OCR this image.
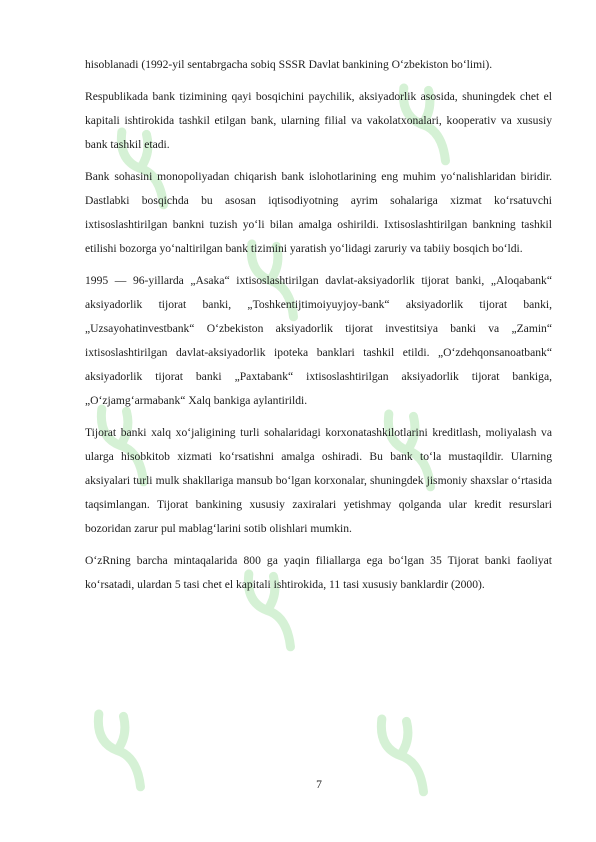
hisoblanadi (1992-yil sentabrgacha sobiq SSSR Davlat bankining O‘zbekiston bo‘limi).

Respublikada bank tizimining qayi bosqichini paychilik, aksiyadorlik asosida, shuningdek chet el kapitali ishtirokida tashkil etilgan bank, ularning filial va vakolatxonalari, kooperativ va xususiy bank tashkil etadi.

Bank sohasini monopoliyadan chiqarish bank islohotlarining eng muhim yo‘nalishlaridan biridir. Dastlabki bosqichda bu asosan iqtisodiyotning ayrim sohalariga xizmat ko‘rsatuvchi ixtisoslashtirilgan bankni tuzish yo‘li bilan amalga oshirildi. Ixtisoslashtirilgan bankning tashkil etilishi bozorga yo‘naltirilgan bank tizimini yaratish yo‘lidagi zaruriy va tabiiy bosqich bo‘ldi.

1995 — 96-yillarda „Asaka“ ixtisoslashtirilgan davlat-aksiyadorlik tijorat banki, „Aloqabank“ aksiyadorlik tijorat banki, „Toshkentijtimoiyuyjoy-bank“ aksiyadorlik tijorat banki, „Uzsayohatinvestbank“ O‘zbekiston aksiyadorlik tijorat investitsiya banki va „Zamin“ ixtisoslashtirilgan davlat-aksiyadorlik ipoteka banklari tashkil etildi. „O‘zdehqonsanoatbank“ aksiyadorlik tijorat banki „Paxtabank“ ixtisoslashtirilgan aksiyadorlik tijorat bankiga, „O‘zjamg‘armabank“ Xalq bankiga aylantirildi.

Tijorat banki xalq xo‘jaligining turli sohalaridagi korxonatashkilotlarini kreditlash, moliyalash va ularga hisobkitob xizmati ko‘rsatishni amalga oshiradi. Bu bank to‘la mustaqildir. Ularning aksiyalari turli mulk shakllariga mansub bo‘lgan korxonalar, shuningdek jismoniy shaxslar o‘rtasida taqsimlangan. Tijorat bankining xususiy zaxiralari yetishmay qolganda ular kredit resurslari bozoridan zarur pul mablag‘larini sotib olishlari mumkin.

O‘zRning barcha mintaqalarida 800 ga yaqin filiallarga ega bo‘lgan 35 Tijorat banki faoliyat ko‘rsatadi, ulardan 5 tasi chet el kapitali ishtirokida, 11 tasi xususiy banklardir (2000).

7
